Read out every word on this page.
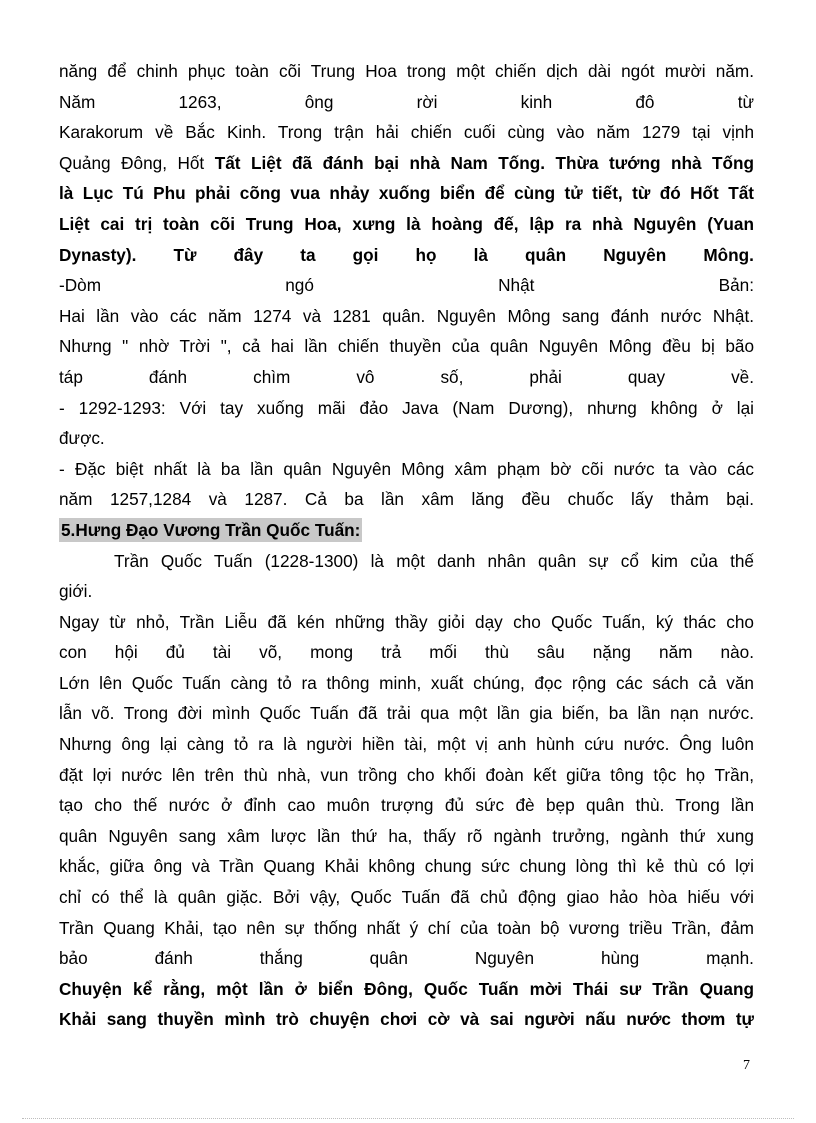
năng để chinh phục toàn cõi Trung Hoa trong một chiến dịch dài ngót mười năm.
Năm	1263,	ông	rời	kinh	đô	từ
Karakorum về Bắc Kinh. Trong trận hải chiến cuối cùng vào năm 1279 tại vịnh
Quảng Đông, Hốt Tất Liệt đã đánh bại nhà Nam Tống. Thừa tướng nhà Tống
là Lục Tú Phu phải cõng vua nhảy xuống biển để cùng tử tiết, từ đó Hốt Tất
Liệt cai trị toàn cõi Trung Hoa, xưng là hoàng đế, lập ra nhà Nguyên (Yuan
Dynasty). Từ đây ta gọi họ là quân Nguyên Mông.
-Dòm	ngó	Nhật	Bản:
Hai lần vào các năm 1274 và 1281 quân. Nguyên Mông sang đánh nước Nhật.
Nhưng " nhờ Trời ", cả hai lần chiến thuyền của quân Nguyên Mông đều bị bão
táp	đánh	chìm	vô	số,	phải	quay	về.
- 1292-1293: Với tay xuống mãi đảo Java (Nam Dương), nhưng không ở lại
được.
- Đặc biệt nhất là ba lần quân Nguyên Mông xâm phạm bờ cõi nước ta vào các
năm 1257,1284 và 1287. Cả ba lần xâm lăng đều chuốc lấy thảm bại.
5.Hưng Đạo Vương Trần Quốc Tuấn:
Trần Quốc Tuấn (1228-1300) là một danh nhân quân sự cổ kim của thế
giới.
Ngay từ nhỏ, Trần Liễu đã kén những thầy giỏi dạy cho Quốc Tuấn, ký thác cho
con hội đủ tài võ, mong trả mối thù sâu nặng năm nào.
Lớn lên Quốc Tuấn càng tỏ ra thông minh, xuất chúng, đọc rộng các sách cả văn
lẫn võ. Trong đời mình Quốc Tuấn đã trải qua một lần gia biến, ba lần nạn nước.
Nhưng ông lại càng tỏ ra là người hiền tài, một vị anh hùnh cứu nước. Ông luôn
đặt lợi nước lên trên thù nhà, vun trồng cho khối đoàn kết giữa tông tộc họ Trần,
tạo cho thế nước ở đỉnh cao muôn trượng đủ sức đè bẹp quân thù. Trong lần
quân Nguyên sang xâm lược lần thứ ha, thấy rõ ngành trưởng, ngành thứ xung
khắc, giữa ông và Trần Quang Khải không chung sức chung lòng thì kẻ thù có lợi
chỉ có thể là quân giặc. Bởi vậy, Quốc Tuấn đã chủ động giao hảo hòa hiếu với
Trần Quang Khải, tạo nên sự thống nhất ý chí của toàn bộ vương triều Trần, đảm
bảo	đánh	thắng	quân	Nguyên	hùng	mạnh.
Chuyện kể rằng, một lần ở biển Đông, Quốc Tuấn mời Thái sư Trần Quang
Khải sang thuyền mình trò chuyện chơi cờ và sai người nấu nước thơm tự
7
